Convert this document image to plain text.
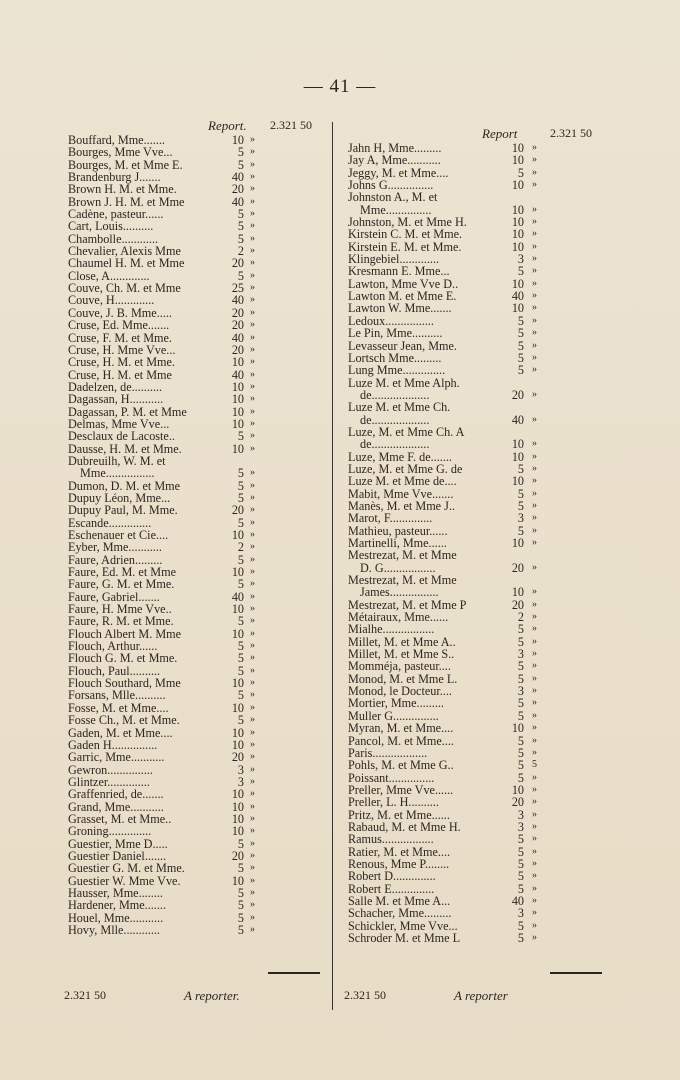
— 41 —
Report. 2.321 50
Bouffard, Mme.......	10 »
Bourges, Mme Vve...	5 »
Bourges, M. et Mme E.	5 »
Brandenburg J.......	40 »
Brown H. M. et Mme.	20 »
Brown J. H. M. et Mme	40 »
Cadène, pasteur......	5 »
Cart, Louis..........	5 »
Chambolle............	5 »
Chevalier, Alexis Mme	2 »
Chaumel H. M. et Mme	20 »
Close, A.............	5 »
Couve, Ch. M. et Mme	25 »
Couve, H.............	40 »
Couve, J. B. Mme.....	20 »
Cruse, Ed. Mme.......	20 »
Cruse, F. M. et Mme.	40 »
Cruse, H. Mme Vve...	20 »
Cruse, H. M. et Mme.	10 »
Cruse, H. M. et Mme	40 »
Dadelzen, de..........	10 »
Dagassan, H...........	10 »
Dagassan, P. M. et Mme	10 »
Delmas, Mme Vve...	10 »
Desclaux de Lacoste..	5 »
Dausse, H. M. et Mme.	10 »
Dubreuilh, W. M. et
Mme................	5 »
Dumon, D. M. et Mme	5 »
Dupuy Léon, Mme...	5 »
Dupuy Paul, M. Mme.	20 »
Escande..............	5 »
Eschenauer et Cie....	10 »
Eyber, Mme...........	2 »
Faure, Adrien.........	5 »
Faure, Ed. M. et Mme	10 »
Faure, G. M. et Mme.	5 »
Faure, Gabriel.......	40 »
Faure, H. Mme Vve..	10 »
Faure, R. M. et Mme.	5 »
Flouch Albert M. Mme	10 »
Flouch, Arthur......	5 »
Flouch G. M. et Mme.	5 »
Flouch, Paul..........	5 »
Flouch Southard, Mme	10 »
Forsans, Mlle..........	5 »
Fosse, M. et Mme....	10 »
Fosse Ch., M. et Mme.	5 »
Gaden, M. et Mme....	10 »
Gaden H...............	10 »
Garric, Mme...........	20 »
Gewron...............	3 »
Glintzer..............	3 »
Graffenried, de.......	10 »
Grand, Mme...........	10 »
Grasset, M. et Mme..	10 »
Groning..............	10 »
Guestier, Mme D.....	5 »
Guestier Daniel.......	20 »
Guestier G. M. et Mme.	5 »
Guestier W. Mme Vve.	10 »
Hausser, Mme........	5 »
Hardener, Mme.......	5 »
Houel, Mme...........	5 »
Hovy, Mlle............	5 »
Report	2.321 50
Jahn H, Mme.........	10 »
Jay A, Mme...........	10 »
Jeggy, M. et Mme....	5 »
Johns G...............	10 »
Johnston A., M. et
Mme...............	10 »
Johnston, M. et Mme H.	10 »
Kirstein C. M. et Mme.	10 »
Kirstein E. M. et Mme.	10 »
Klingebiel.............	3 »
Kresmann E. Mme...	5 »
Lawton, Mme Vve D..	10 »
Lawton M. et Mme E.	40 »
Lawton W. Mme.......	10 »
Ledoux................	5 »
Le Pin, Mme..........	5 »
Levasseur Jean, Mme.	5 »
Lortsch Mme.........	5 »
Lung Mme..............	5 »
Luze M. et Mme Alph.
de...................	20 »
Luze M. et Mme Ch.
de...................	40 »
Luze, M. et Mme Ch. A
de...................	10 »
Luze, Mme F. de.......	10 »
Luze, M. et Mme G. de	5 »
Luze M. et Mme de....	10 »
Mabit, Mme Vve.......	5 »
Manès, M. et Mme J..	5 »
Marot, F..............	3 »
Mathieu, pasteur......	5 »
Martinelli, Mme......	10 »
Mestrezat, M. et Mme
D. G.................	20 »
Mestrezat, M. et Mme
James................	10 »
Mestrezat, M. et Mme P	20 »
Métairaux, Mme......	2 »
Mialhe.................	5 »
Millet, M. et Mme A..	5 »
Millet, M. et Mme S..	3 »
Momméja, pasteur....	5 »
Monod, M. et Mme L.	5 »
Monod, le Docteur....	3 »
Mortier, Mme.........	5 »
Muller G...............	5 »
Myran, M. et Mme....	10 »
Pancol, M. et Mme....	5 »
Paris..................	5 »
Pohls, M. et Mme G..	5 5
Poissant...............	5 »
Preller, Mme Vve......	10 »
Preller, L. H..........	20 »
Pritz, M. et Mme......	3 »
Rabaud, M. et Mme H.	3 »
Ramus.................	5 »
Ratier, M. et Mme....	5 »
Renous, Mme P........	5 »
Robert D..............	5 »
Robert E..............	5 »
Salle M. et Mme A...	40 »
Schacher, Mme.........	3 »
Schickler, Mme Vve...	5 »
Schroder M. et Mme L	5 »
A reporter.
2.321 50	A reporter
2.321 50
